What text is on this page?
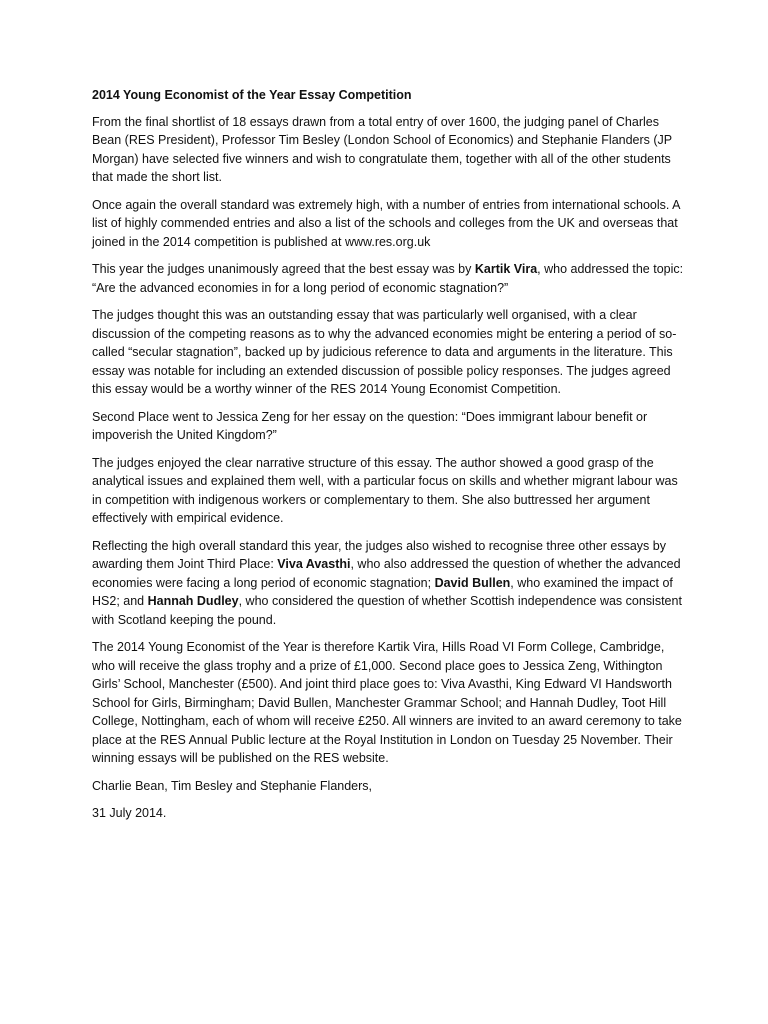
2014 Young Economist of the Year Essay Competition

From the final shortlist of 18 essays drawn from a total entry of over 1600, the judging panel of Charles Bean (RES President), Professor Tim Besley (London School of Economics) and Stephanie Flanders (JP Morgan) have selected five winners and wish to congratulate them, together with all of the other students that made the short list.

Once again the overall standard was extremely high, with a number of entries from international schools. A list of highly commended entries and also a list of the schools and colleges from the UK and overseas that joined in the 2014 competition is published at www.res.org.uk

This year the judges unanimously agreed that the best essay was by Kartik Vira, who addressed the topic: “Are the advanced economies in for a long period of economic stagnation?”

The judges thought this was an outstanding essay that was particularly well organised, with a clear discussion of the competing reasons as to why the advanced economies might be entering a period of so-called “secular stagnation”, backed up by judicious reference to data and arguments in the literature. This essay was notable for including an extended discussion of possible policy responses. The judges agreed this essay would be a worthy winner of the RES 2014 Young Economist Competition.

Second Place went to Jessica Zeng for her essay on the question: “Does immigrant labour benefit or impoverish the United Kingdom?”

The judges enjoyed the clear narrative structure of this essay. The author showed a good grasp of the analytical issues and explained them well, with a particular focus on skills and whether migrant labour was in competition with indigenous workers or complementary to them. She also buttressed her argument effectively with empirical evidence.

Reflecting the high overall standard this year, the judges also wished to recognise three other essays by awarding them Joint Third Place: Viva Avasthi, who also addressed the question of whether the advanced economies were facing a long period of economic stagnation; David Bullen, who examined the impact of HS2; and Hannah Dudley, who considered the question of whether Scottish independence was consistent with Scotland keeping the pound.

The 2014 Young Economist of the Year is therefore Kartik Vira, Hills Road VI Form College, Cambridge, who will receive the glass trophy and a prize of £1,000. Second place goes to Jessica Zeng, Withington Girls’ School, Manchester (£500). And joint third place goes to: Viva Avasthi, King Edward VI Handsworth School for Girls, Birmingham; David Bullen, Manchester Grammar School; and Hannah Dudley, Toot Hill College, Nottingham, each of whom will receive £250. All winners are invited to an award ceremony to take place at the RES Annual Public lecture at the Royal Institution in London on Tuesday 25 November. Their winning essays will be published on the RES website.

Charlie Bean, Tim Besley and Stephanie Flanders,

31 July 2014.
